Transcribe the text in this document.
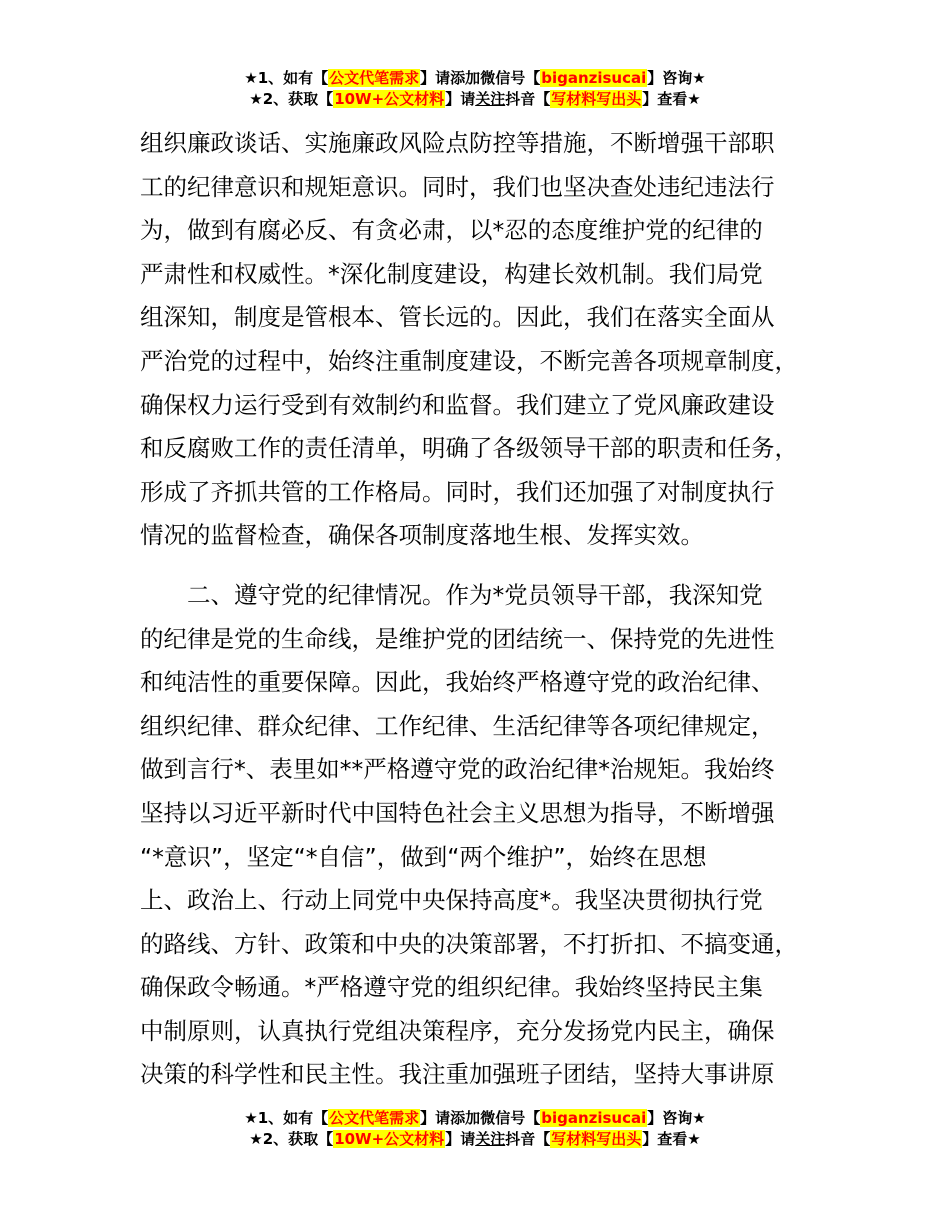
★1、如有【公文代笔需求】请添加微信号【biganzisucai】咨询★
★2、获取【10W+公文材料】请关注抖音【写材料写出头】查看★

组织廉政谈话、实施廉政风险点防控等措施，不断增强干部职
工的纪律意识和规矩意识。同时，我们也坚决查处违纪违法行
为，做到有腐必反、有贪必肃，以*忍的态度维护党的纪律的
严肃性和权威性。*深化制度建设，构建长效机制。我们局党
组深知，制度是管根本、管长远的。因此，我们在落实全面从
严治党的过程中，始终注重制度建设，不断完善各项规章制度，
确保权力运行受到有效制约和监督。我们建立了党风廉政建设
和反腐败工作的责任清单，明确了各级领导干部的职责和任务，
形成了齐抓共管的工作格局。同时，我们还加强了对制度执行
情况的监督检查，确保各项制度落地生根、发挥实效。

二、遵守党的纪律情况。作为*党员领导干部，我深知党
的纪律是党的生命线，是维护党的团结统一、保持党的先进性
和纯洁性的重要保障。因此，我始终严格遵守党的政治纪律、
组织纪律、群众纪律、工作纪律、生活纪律等各项纪律规定，
做到言行*、表里如**严格遵守党的政治纪律*治规矩。我始终
坚持以习近平新时代中国特色社会主义思想为指导，不断增强
“*意识”，坚定“*自信”，做到“两个维护”，始终在思想
上、政治上、行动上同党中央保持高度*。我坚决贯彻执行党
的路线、方针、政策和中央的决策部署，不打折扣、不搞变通，
确保政令畅通。*严格遵守党的组织纪律。我始终坚持民主集
中制原则，认真执行党组决策程序，充分发扬党内民主，确保
决策的科学性和民主性。我注重加强班子团结，坚持大事讲原

★1、如有【公文代笔需求】请添加微信号【biganzisucai】咨询★
★2、获取【10W+公文材料】请关注抖音【写材料写出头】查看★
